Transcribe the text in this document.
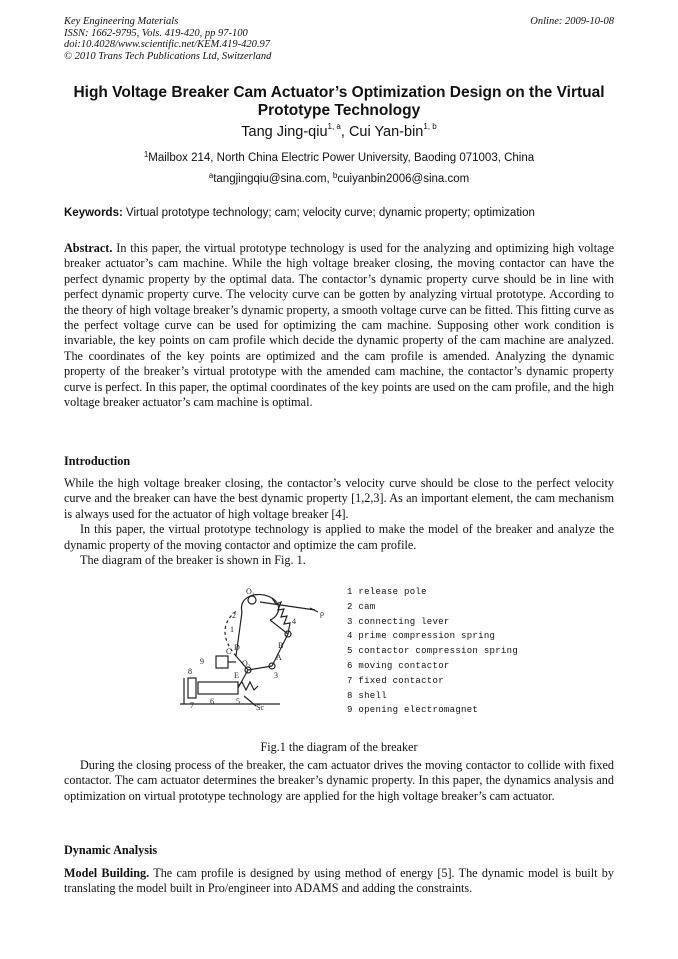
Key Engineering Materials
ISSN: 1662-9795, Vols. 419-420, pp 97-100
doi:10.4028/www.scientific.net/KEM.419-420.97
© 2010 Trans Tech Publications Ltd, Switzerland
Online: 2009-10-08
High Voltage Breaker Cam Actuator’s Optimization Design on the Virtual Prototype Technology
Tang Jing-qiu$^{1, a}$, Cui Yan-bin$^{1, b}$
$^1$Mailbox 214, North China Electric Power University, Baoding 071003, China
$^a$tangjingqiu@sina.com, $^b$cuiyanbin2006@sina.com
Keywords: Virtual prototype technology; cam; velocity curve; dynamic property; optimization
Abstract. In this paper, the virtual prototype technology is used for the analyzing and optimizing high voltage breaker actuator’s cam machine. While the high voltage breaker closing, the moving contactor can have the perfect dynamic property by the optimal data. The contactor’s dynamic property curve should be in line with perfect dynamic property curve. The velocity curve can be gotten by analyzing virtual prototype. According to the theory of high voltage breaker’s dynamic property, a smooth voltage curve can be fitted. This fitting curve as the perfect voltage curve can be used for optimizing the cam machine. Supposing other work condition is invariable, the key points on cam profile which decide the dynamic property of the cam machine are analyzed. The coordinates of the key points are optimized and the cam profile is amended. Analyzing the dynamic property of the breaker’s virtual prototype with the amended cam machine, the contactor’s dynamic property curve is perfect. In this paper, the optimal coordinates of the key points are used on the cam profile, and the high voltage breaker actuator’s cam machine is optimal.
Introduction
While the high voltage breaker closing, the contactor’s velocity curve should be close to the perfect velocity curve and the breaker can have the best dynamic property [1,2,3]. As an important element, the cam mechanism is always used for the actuator of high voltage breaker [4].
In this paper, the virtual prototype technology is applied to make the model of the breaker and analyze the dynamic property of the moving contactor and optimize the cam profile.
The diagram of the breaker is shown in Fig. 1.
O₁
ρ
1
2
3
4
5
6
7
8
9	A
B
C D
O₂
E
Sc
1 release pole
2 cam
3 connecting lever
4 prime compression spring
5 contactor compression spring
6 moving contactor
7 fixed contactor
8 shell
9 opening electromagnet
Fig.1 the diagram of the breaker
During the closing process of the breaker, the cam actuator drives the moving contactor to collide with fixed contactor. The cam actuator determines the breaker’s dynamic property. In this paper, the dynamics analysis and optimization on virtual prototype technology are applied for the high voltage breaker’s cam actuator.
Dynamic Analysis
Model Building. The cam profile is designed by using method of energy [5]. The dynamic model is built by translating the model built in Pro/engineer into ADAMS and adding the constraints.
